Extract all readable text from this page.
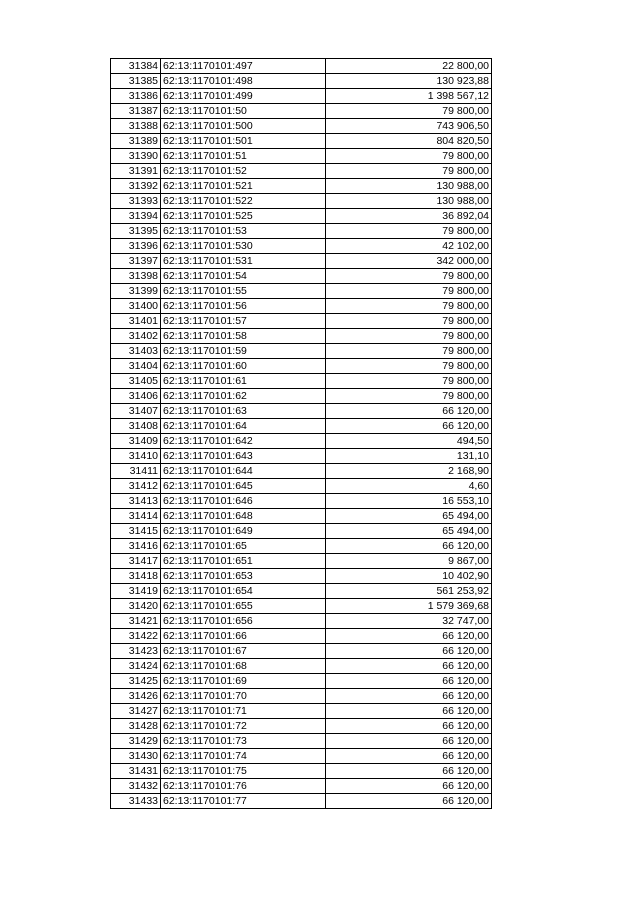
31384	62:13:1170101:497	22 800,00
31385	62:13:1170101:498	130 923,88
31386	62:13:1170101:499	1 398 567,12
31387	62:13:1170101:50	79 800,00
31388	62:13:1170101:500	743 906,50
31389	62:13:1170101:501	804 820,50
31390	62:13:1170101:51	79 800,00
31391	62:13:1170101:52	79 800,00
31392	62:13:1170101:521	130 988,00
31393	62:13:1170101:522	130 988,00
31394	62:13:1170101:525	36 892,04
31395	62:13:1170101:53	79 800,00
31396	62:13:1170101:530	42 102,00
31397	62:13:1170101:531	342 000,00
31398	62:13:1170101:54	79 800,00
31399	62:13:1170101:55	79 800,00
31400	62:13:1170101:56	79 800,00
31401	62:13:1170101:57	79 800,00
31402	62:13:1170101:58	79 800,00
31403	62:13:1170101:59	79 800,00
31404	62:13:1170101:60	79 800,00
31405	62:13:1170101:61	79 800,00
31406	62:13:1170101:62	79 800,00
31407	62:13:1170101:63	66 120,00
31408	62:13:1170101:64	66 120,00
31409	62:13:1170101:642	494,50
31410	62:13:1170101:643	131,10
31411	62:13:1170101:644	2 168,90
31412	62:13:1170101:645	4,60
31413	62:13:1170101:646	16 553,10
31414	62:13:1170101:648	65 494,00
31415	62:13:1170101:649	65 494,00
31416	62:13:1170101:65	66 120,00
31417	62:13:1170101:651	9 867,00
31418	62:13:1170101:653	10 402,90
31419	62:13:1170101:654	561 253,92
31420	62:13:1170101:655	1 579 369,68
31421	62:13:1170101:656	32 747,00
31422	62:13:1170101:66	66 120,00
31423	62:13:1170101:67	66 120,00
31424	62:13:1170101:68	66 120,00
31425	62:13:1170101:69	66 120,00
31426	62:13:1170101:70	66 120,00
31427	62:13:1170101:71	66 120,00
31428	62:13:1170101:72	66 120,00
31429	62:13:1170101:73	66 120,00
31430	62:13:1170101:74	66 120,00
31431	62:13:1170101:75	66 120,00
31432	62:13:1170101:76	66 120,00
31433	62:13:1170101:77	66 120,00
